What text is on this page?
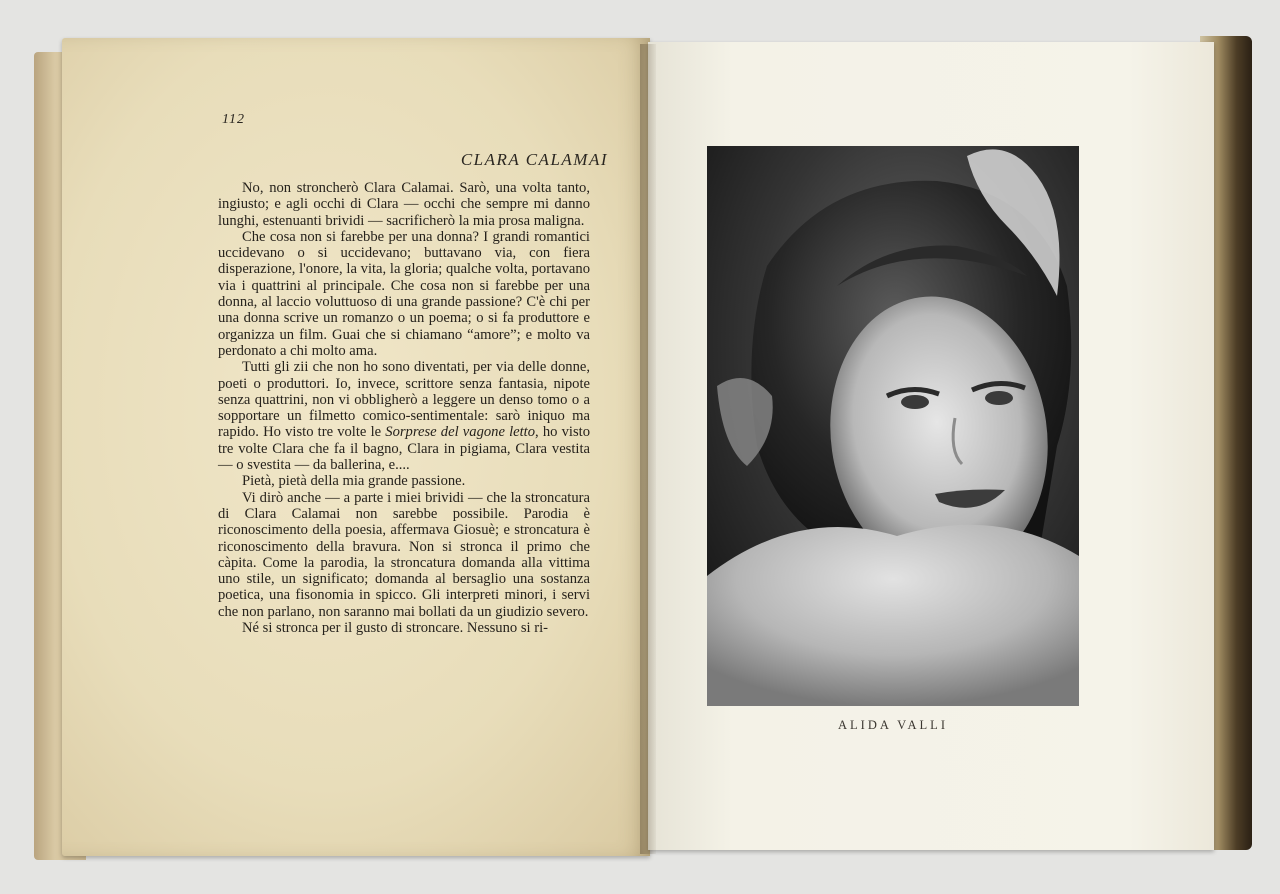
112
CLARA CALAMAI

No, non stroncherò Clara Calamai. Sarò, una volta tanto, ingiusto; e agli occhi di Clara — occhi che sempre mi danno lunghi, estenuanti brividi — sacrificherò la mia prosa maligna.

Che cosa non si farebbe per una donna? I grandi romantici uccidevano o si uccidevano; buttavano via, con fiera disperazione, l'onore, la vita, la gloria; qualche volta, portavano via i quattrini al principale. Che cosa non si farebbe per una donna, al laccio voluttuoso di una grande passione? C'è chi per una donna scrive un romanzo o un poema; o si fa produttore e organizza un film. Guai che si chiamano “amore”; e molto va perdonato a chi molto ama.

Tutti gli zii che non ho sono diventati, per via delle donne, poeti o produttori. Io, invece, scrittore senza fantasia, nipote senza quattrini, non vi obbligherò a leggere un denso tomo o a sopportare un filmetto comico-sentimentale: sarò iniquo ma rapido. Ho visto tre volte le Sorprese del vagone letto, ho visto tre volte Clara che fa il bagno, Clara in pigiama, Clara vestita — o svestita — da ballerina, e....

Pietà, pietà della mia grande passione.

Vi dirò anche — a parte i miei brividi — che la stroncatura di Clara Calamai non sarebbe possibile. Parodia è riconoscimento della poesia, affermava Giosuè; e stroncatura è riconoscimento della bravura. Non si stronca il primo che càpita. Come la parodia, la stroncatura domanda alla vittima uno stile, un significato; domanda al bersaglio una sostanza poetica, una fisonomia in spicco. Gli interpreti minori, i servi che non parlano, non saranno mai bollati da un giudizio severo.

Né si stronca per il gusto di stroncare. Nessuno si ri-

ALIDA VALLI
